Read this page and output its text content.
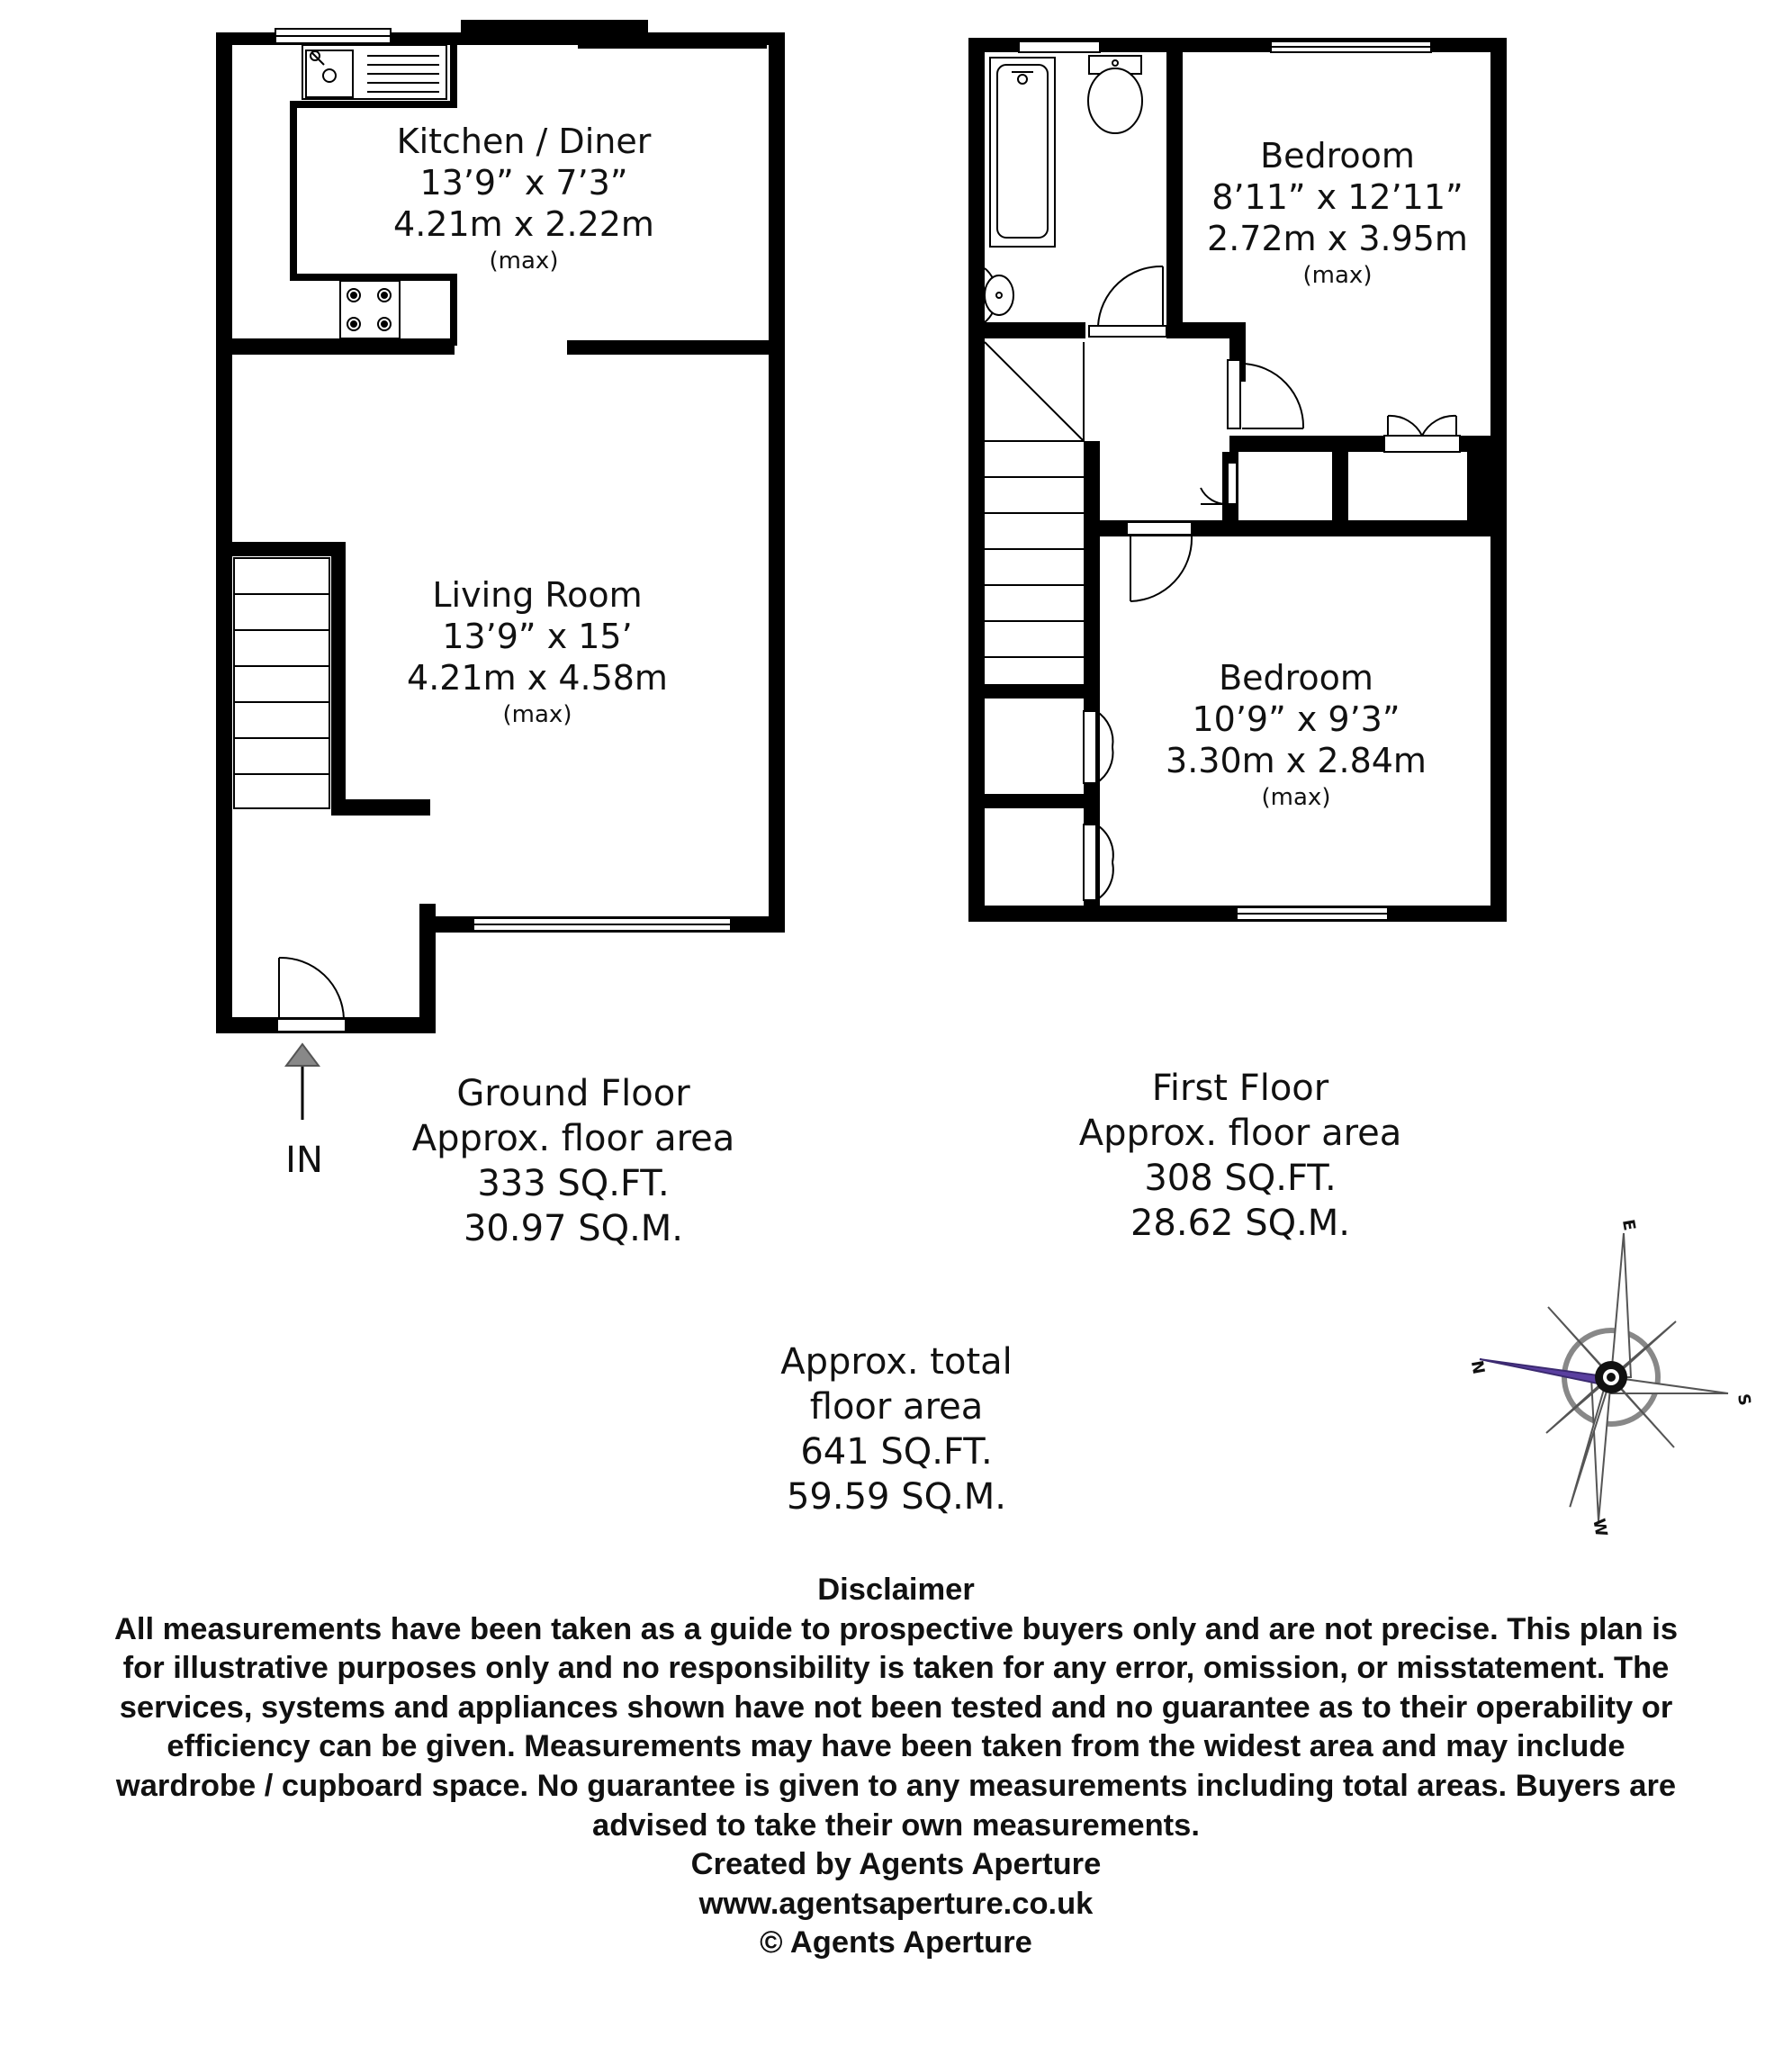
Kitchen / Diner
13’9” x 7’3”
4.21m x 2.22m
(max)
Living Room
13’9” x 15’
4.21m x 4.58m
(max)
IN
Ground Floor
Approx. floor area
333 SQ.FT.
30.97 SQ.M.
Bedroom
8’11” x 12’11”
2.72m x 3.95m
(max)
Bedroom
10’9” x 9’3”
3.30m x 2.84m
(max)
First Floor
Approx. floor area
308 SQ.FT.
28.62 SQ.M.
Approx. total
floor area
641 SQ.FT.
59.59 SQ.M.
N
E
S
W
Disclaimer
All measurements have been taken as a guide to prospective buyers only and are not precise. This plan is
for illustrative purposes only and no responsibility is taken for any error, omission, or misstatement. The
services, systems and appliances shown have not been tested and no guarantee as to their operability or
efficiency can be given. Measurements may have been taken from the widest area and may include
wardrobe / cupboard space. No guarantee is given to any measurements including total areas. Buyers are
advised to take their own measurements.
Created by Agents Aperture
www.agentsaperture.co.uk
© Agents Aperture
